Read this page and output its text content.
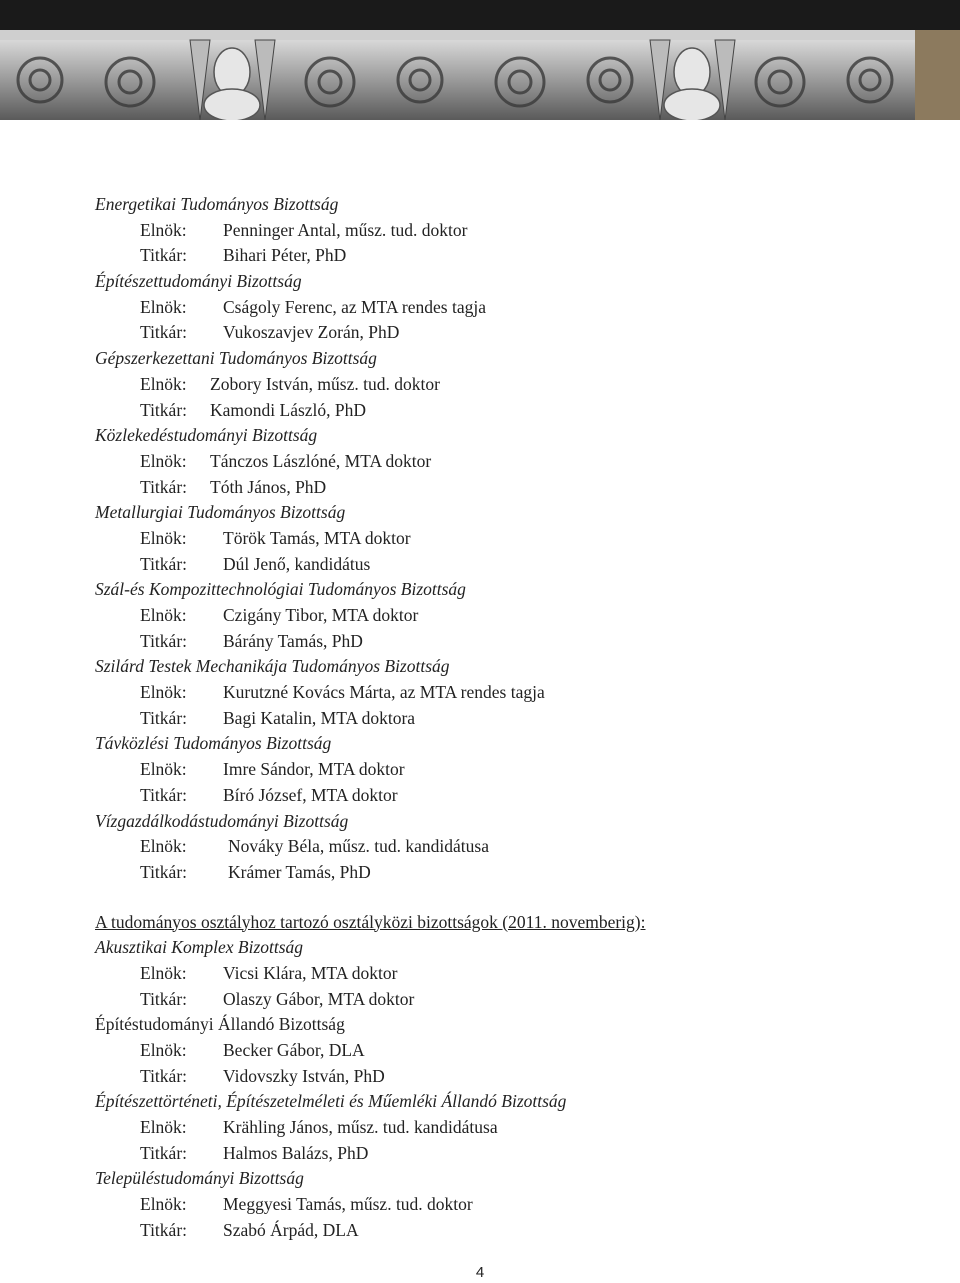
Energetikai Tudományos Bizottság
Elnök: Penninger Antal, műsz. tud. doktor
Titkár: Bihari Péter, PhD
Építészettudományi Bizottság
Elnök: Cságoly Ferenc, az MTA rendes tagja
Titkár: Vukoszavjev Zorán, PhD
Gépszerkezettani Tudományos Bizottság
Elnök: Zobory István, műsz. tud. doktor
Titkár: Kamondi László, PhD
Közlekedéstudományi Bizottság
Elnök: Tánczos Lászlóné, MTA doktor
Titkár: Tóth János, PhD
Metallurgiai Tudományos Bizottság
Elnök: Török Tamás, MTA doktor
Titkár: Dúl Jenő, kandidátus
Szál-és Kompozittechnológiai Tudományos Bizottság
Elnök: Czigány Tibor, MTA doktor
Titkár: Bárány Tamás, PhD
Szilárd Testek Mechanikája Tudományos Bizottság
Elnök: Kurutzné Kovács Márta, az MTA rendes tagja
Titkár: Bagi Katalin, MTA doktora
Távközlési Tudományos Bizottság
Elnök: Imre Sándor, MTA doktor
Titkár: Bíró József, MTA doktor
Vízgazdálkodástudományi Bizottság
Elnök: Nováky Béla, műsz. tud. kandidátusa
Titkár: Krámer Tamás, PhD
A tudományos osztályhoz tartozó osztályközi bizottságok (2011. novemberig):
Akusztikai Komplex Bizottság
Elnök: Vicsi Klára, MTA doktor
Titkár: Olaszy Gábor, MTA doktor
Építéstudományi Állandó Bizottság
Elnök: Becker Gábor, DLA
Titkár: Vidovszky István, PhD
Építészettörténeti, Építészetelméleti és Műemléki Állandó Bizottság
Elnök: Krähling János, műsz. tud. kandidátusa
Titkár: Halmos Balázs, PhD
Településtudományi Bizottság
Elnök: Meggyesi Tamás, műsz. tud. doktor
Titkár: Szabó Árpád, DLA
4
